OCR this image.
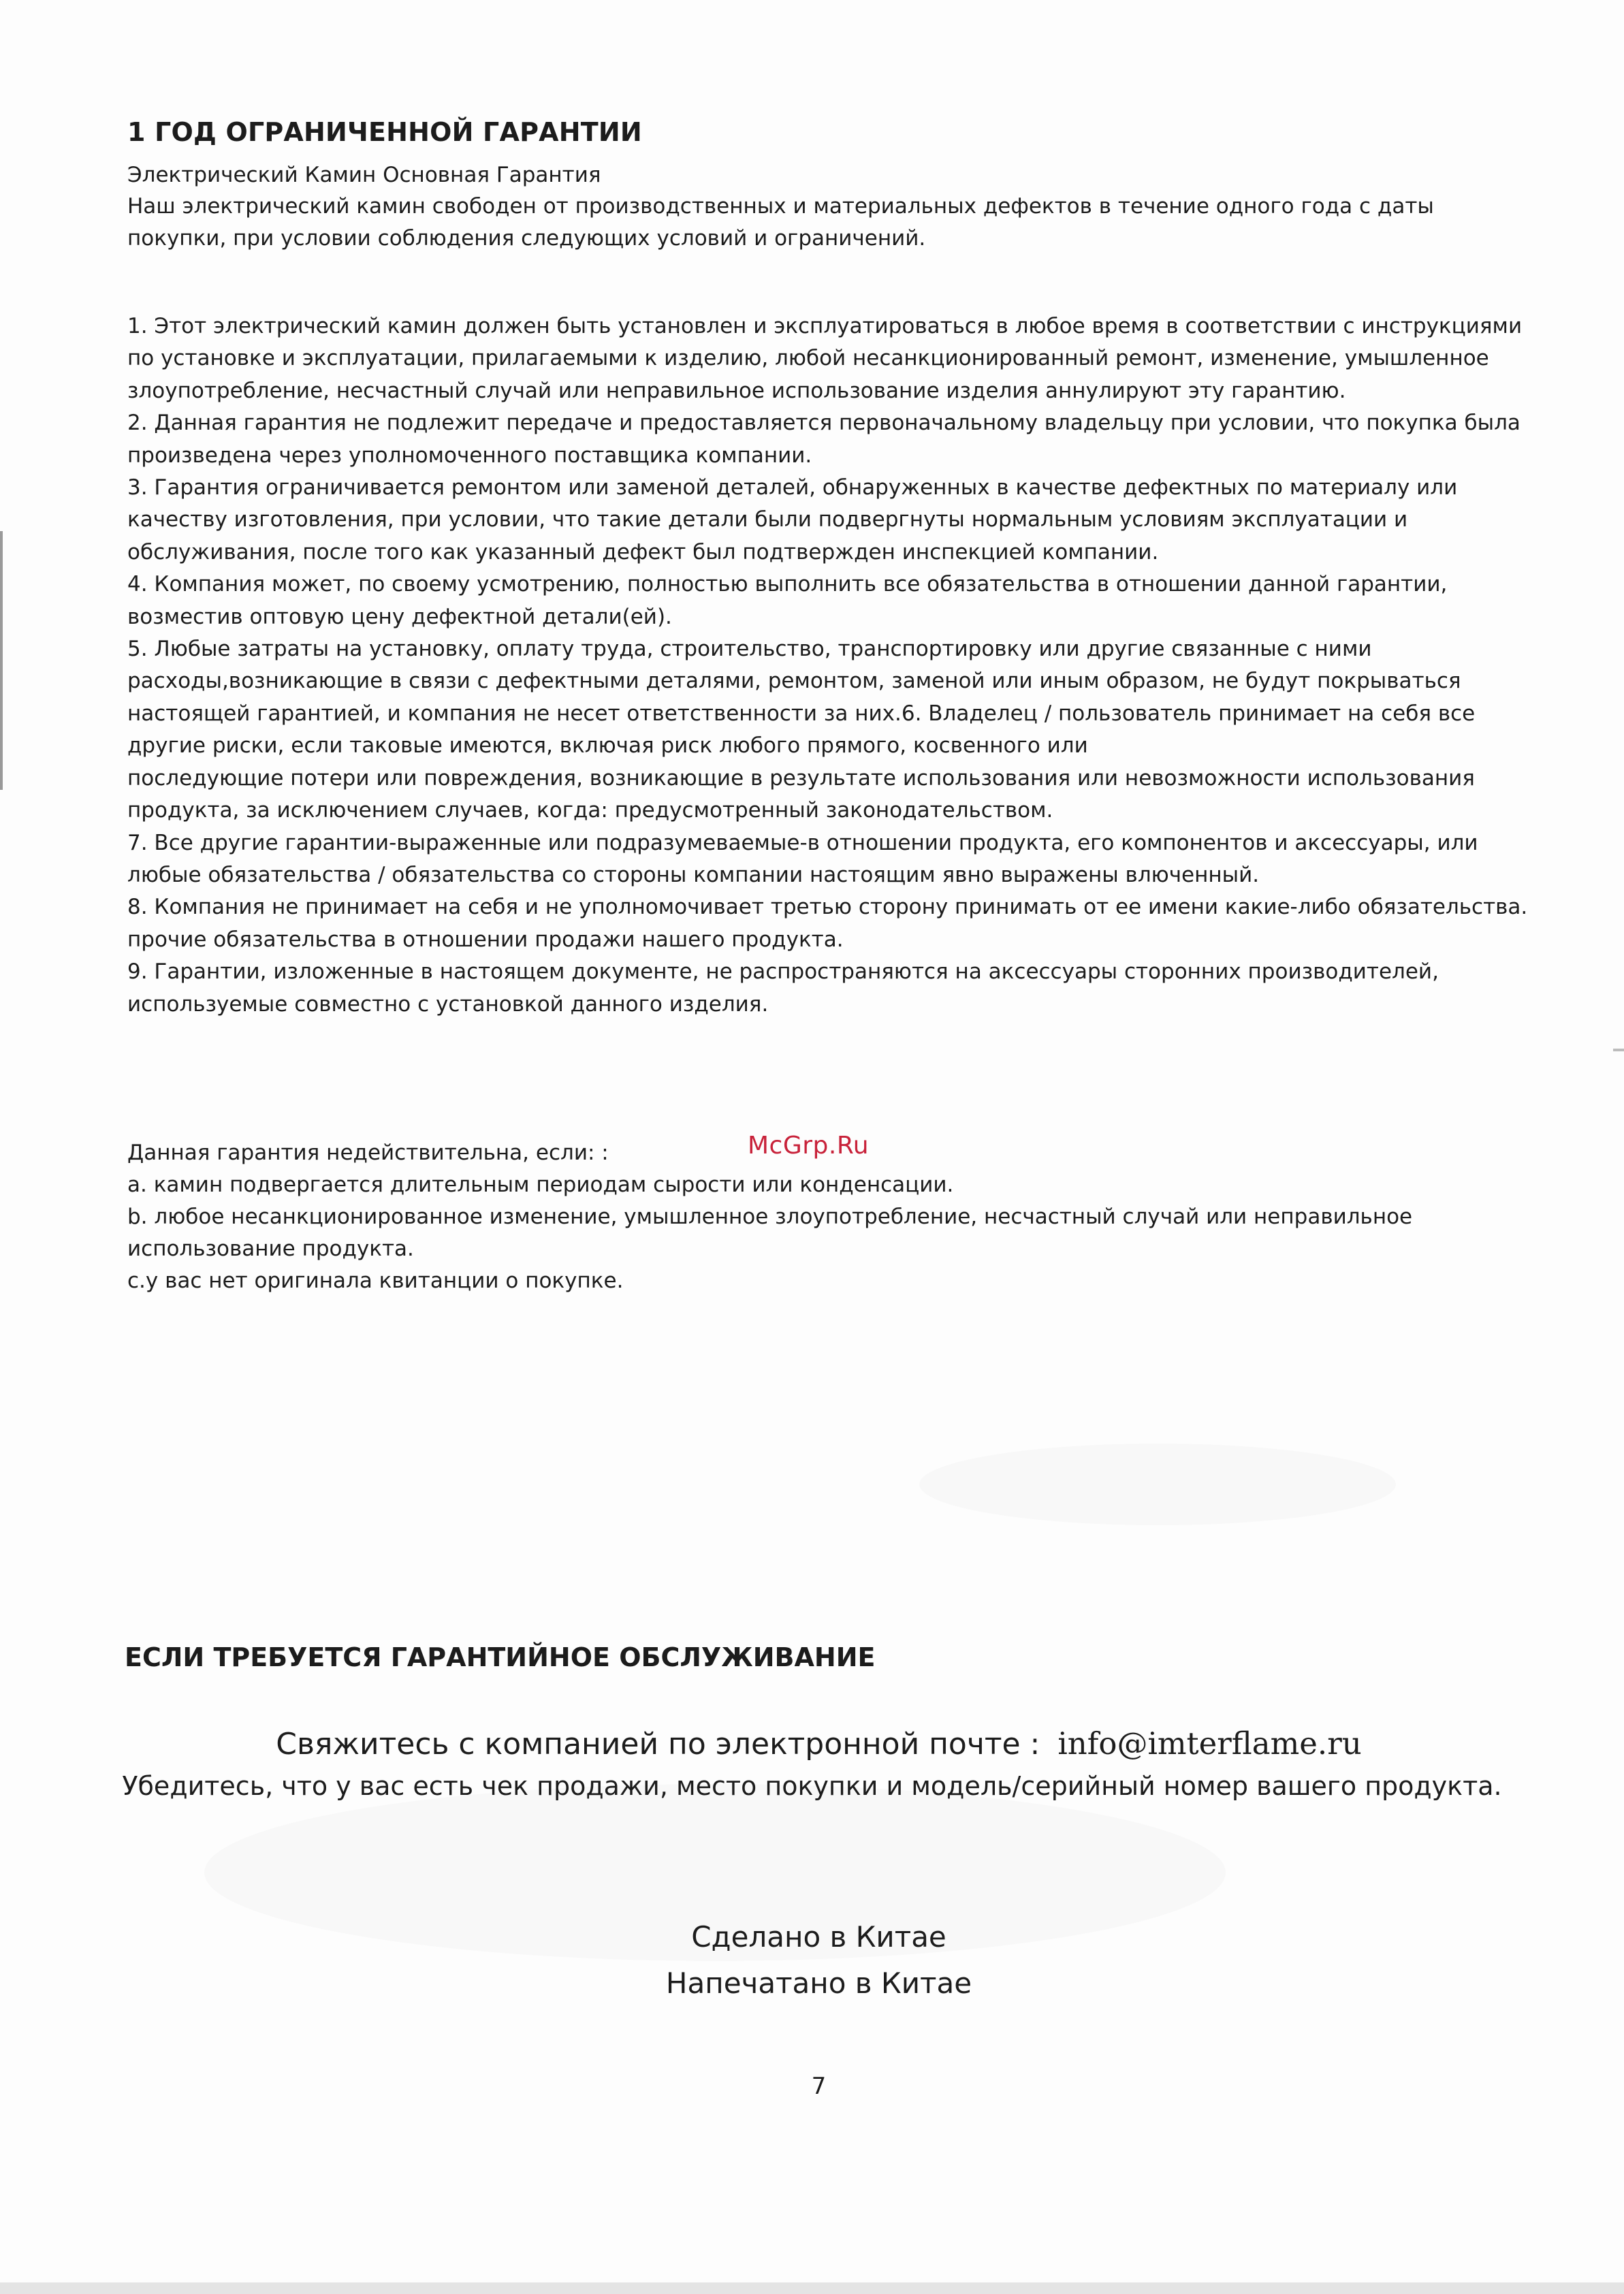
1 ГОД ОГРАНИЧЕННОЙ ГАРАНТИИ

Электрический Камин Основная Гарантия

Наш электрический камин свободен от производственных и материальных дефектов в течение одного года с даты покупки, при условии соблюдения следующих условий и ограничений.

1. Этот электрический камин должен быть установлен и эксплуатироваться в любое время в соответствии с инструкциями по установке и эксплуатации, прилагаемыми к изделию, любой несанкционированный ремонт, изменение, умышленное злоупотребление, несчастный случай или неправильное использование изделия аннулируют эту гарантию.

2. Данная гарантия не подлежит передаче и предоставляется первоначальному владельцу при условии, что покупка была произведена через уполномоченного поставщика компании.

3. Гарантия ограничивается ремонтом или заменой деталей, обнаруженных в качестве дефектных по материалу или качеству изготовления, при условии, что такие детали были подвергнуты нормальным условиям эксплуатации и обслуживания, после того как указанный дефект был подтвержден инспекцией компании.

4. Компания может, по своему усмотрению, полностью выполнить все обязательства в отношении данной гарантии, возместив оптовую цену дефектной детали(ей).

5. Любые затраты на установку, оплату труда, строительство, транспортировку или другие связанные с ними расходы,возникающие в связи с дефектными деталями, ремонтом, заменой или иным образом, не будут покрываться настоящей гарантией, и компания не несет ответственности за них.6. Владелец / пользователь принимает на себя все другие риски, если таковые имеются, включая риск любого прямого, косвенного или

последующие потери или повреждения, возникающие в результате использования или невозможности использования продукта, за исключением случаев, когда: предусмотренный законодательством.

7. Все другие гарантии-выраженные или подразумеваемые-в отношении продукта, его компонентов и аксессуары, или любые обязательства / обязательства со стороны компании настоящим явно выражены влюченный.

8. Компания не принимает на себя и не уполномочивает третью сторону принимать от ее имени какие-либо обязательства.

прочие обязательства в отношении продажи нашего продукта.

9. Гарантии, изложенные в настоящем документе, не распространяются на аксессуары сторонних производителей, используемые совместно с установкой данного изделия.

Данная гарантия недействительна, если: :

a. камин подвергается длительным периодам сырости или конденсации.

b. любое несанкционированное изменение, умышленное злоупотребление, несчастный случай или неправильное использование продукта.

c.у вас нет оригинала квитанции о покупке.

McGrp.Ru

ЕСЛИ ТРЕБУЕТСЯ ГАРАНТИЙНОЕ ОБСЛУЖИВАНИЕ

Свяжитесь с компанией по электронной почте : info@imterflame.ru

Убедитесь, что у вас есть чек продажи, место покупки и модель/серийный номер вашего продукта.

Сделано в Китае

Напечатано в Китае

7
